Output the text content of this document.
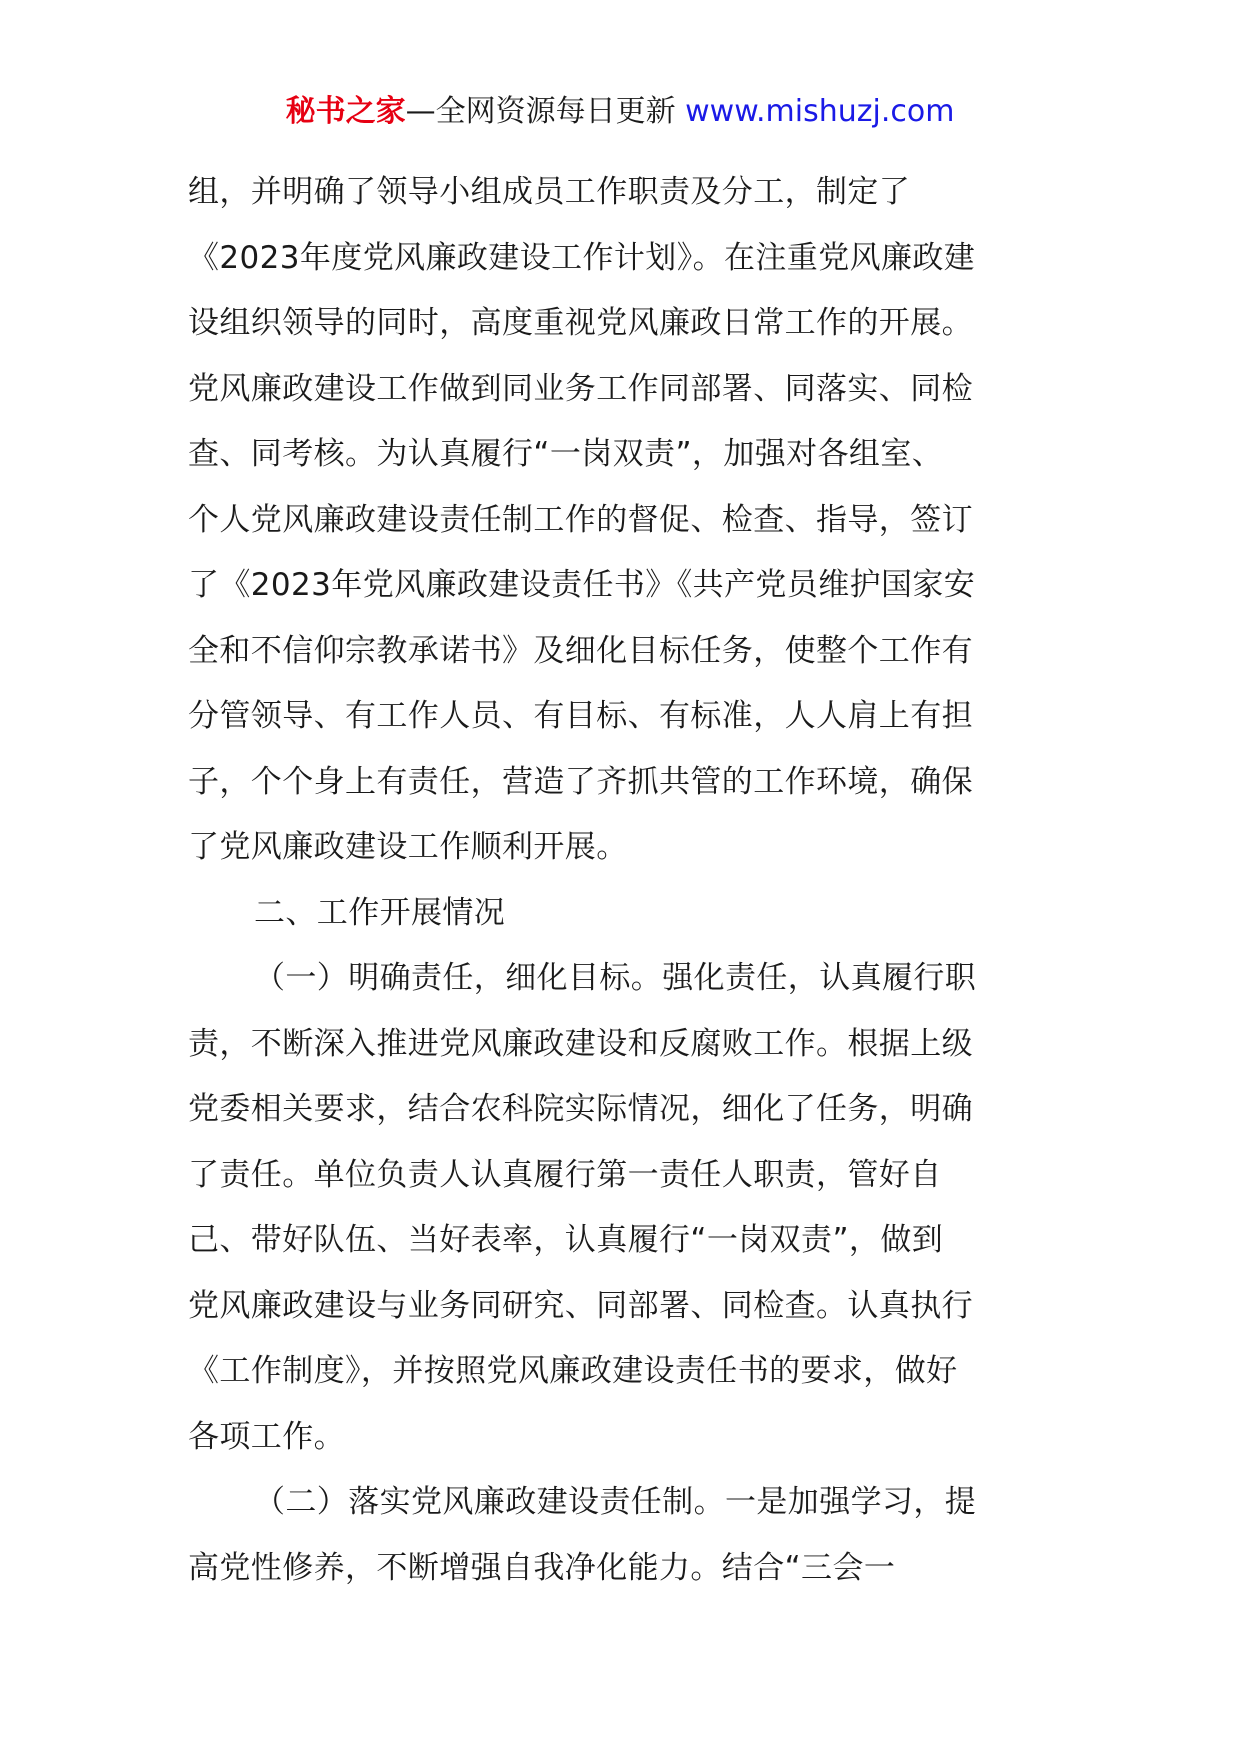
秘书之家—全网资源每日更新 www.mishuzj.com
组，并明确了领导小组成员工作职责及分工，制定了
《2023年度党风廉政建设工作计划》。在注重党风廉政建
设组织领导的同时，高度重视党风廉政日常工作的开展。
党风廉政建设工作做到同业务工作同部署、同落实、同检
查、同考核。为认真履行“一岗双责”，加强对各组室、
个人党风廉政建设责任制工作的督促、检查、指导，签订
了《2023年党风廉政建设责任书》《共产党员维护国家安
全和不信仰宗教承诺书》及细化目标任务，使整个工作有
分管领导、有工作人员、有目标、有标准，人人肩上有担
子，个个身上有责任，营造了齐抓共管的工作环境，确保
了党风廉政建设工作顺利开展。
二、工作开展情况
（一）明确责任，细化目标。强化责任，认真履行职
责，不断深入推进党风廉政建设和反腐败工作。根据上级
党委相关要求，结合农科院实际情况，细化了任务，明确
了责任。单位负责人认真履行第一责任人职责，管好自
己、带好队伍、当好表率，认真履行“一岗双责”，做到
党风廉政建设与业务同研究、同部署、同检查。认真执行
《工作制度》，并按照党风廉政建设责任书的要求，做好
各项工作。
（二）落实党风廉政建设责任制。一是加强学习，提
高党性修养，不断增强自我净化能力。结合“三会一
